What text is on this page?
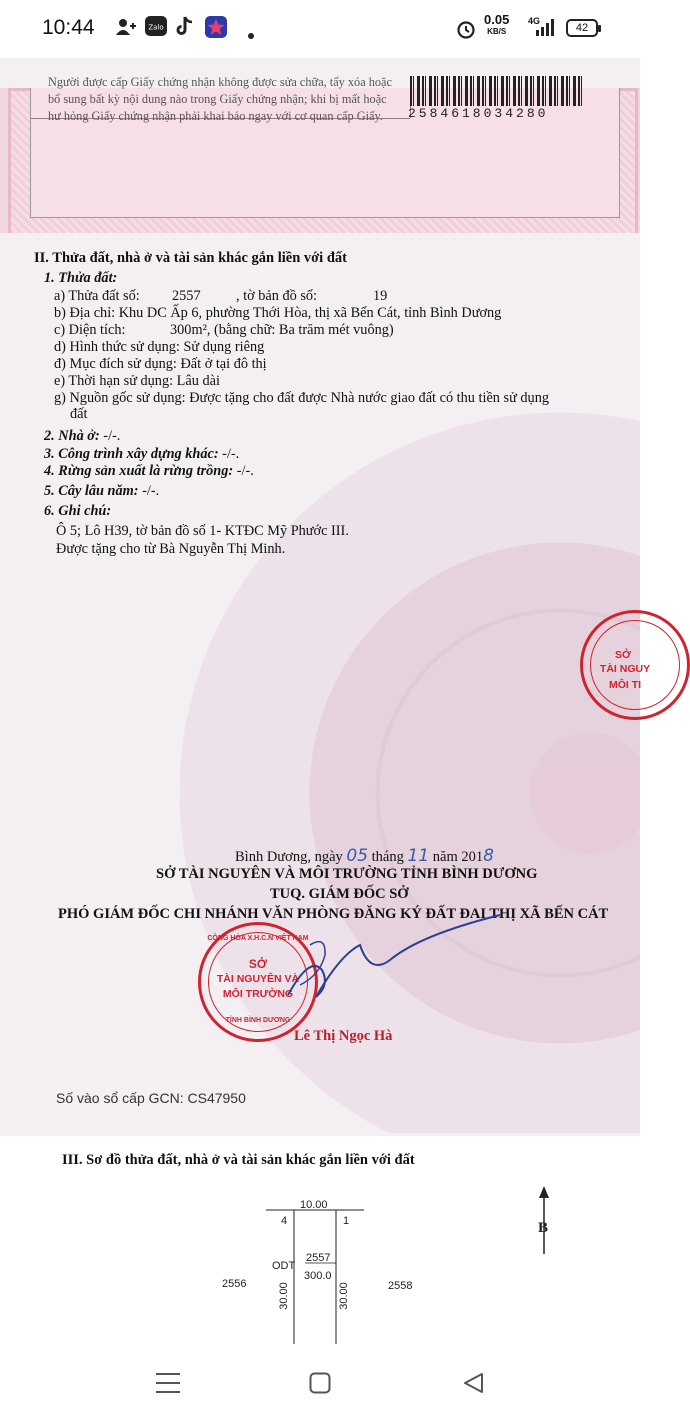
10:44	Zalo
0.05
KB/S
4G
42
Người được cấp Giấy chứng nhận không được sửa chữa, tẩy xóa hoặc bổ sung bất kỳ nội dung nào trong Giấy chứng nhận; khi bị mất hoặc hư hỏng Giấy chứng nhận phải khai báo ngay với cơ quan cấp Giấy.	2584618034280
II. Thửa đất, nhà ở và tài sản khác gắn liền với đất
1. Thửa đất:
a) Thửa đất số: 2557 , tờ bản đồ số:	19
b) Địa chỉ: Khu DC Ấp 6, phường Thới Hòa, thị xã Bến Cát, tỉnh Bình Dương
c) Diện tích:	300m², (bằng chữ: Ba trăm mét vuông)
d) Hình thức sử dụng: Sử dụng riêng
đ) Mục đích sử dụng: Đất ở tại đô thị
e) Thời hạn sử dụng: Lâu dài
g) Nguồn gốc sử dụng: Được tặng cho đất được Nhà nước giao đất có thu tiền sử dụng
đất
2. Nhà ở: -/-.
3. Công trình xây dựng khác: -/-.
4. Rừng sản xuất là rừng trồng: -/-.
5. Cây lâu năm: -/-.
6. Ghi chú:
Ô 5; Lô H39, tờ bản đồ số 1- KTĐC Mỹ Phước III.
Được tặng cho từ Bà Nguyễn Thị Minh.
SỞ
TÀI NGUY
MÔI TI
Bình Dương, ngày 05 tháng 11 năm 2018
SỞ TÀI NGUYÊN VÀ MÔI TRƯỜNG TỈNH BÌNH DƯƠNG
TUQ. GIÁM ĐỐC SỞ
PHÓ GIÁM ĐỐC CHI NHÁNH VĂN PHÒNG ĐĂNG KÝ ĐẤT ĐAI THỊ XÃ BẾN CÁT
CỘNG HÒA X.H.C.N VIỆT NAM
SỞ
TÀI NGUYÊN VÀ
MÔI TRƯỜNG
TỈNH BÌNH DƯƠNG
Lê Thị Ngọc Hà
Số vào sổ cấp GCN: CS47950
III. Sơ đồ thửa đất, nhà ở và tài sản khác gắn liền với đất
10.00
4	1
ODT
2557
300.0
2556	2558
30.00	30.00
B
